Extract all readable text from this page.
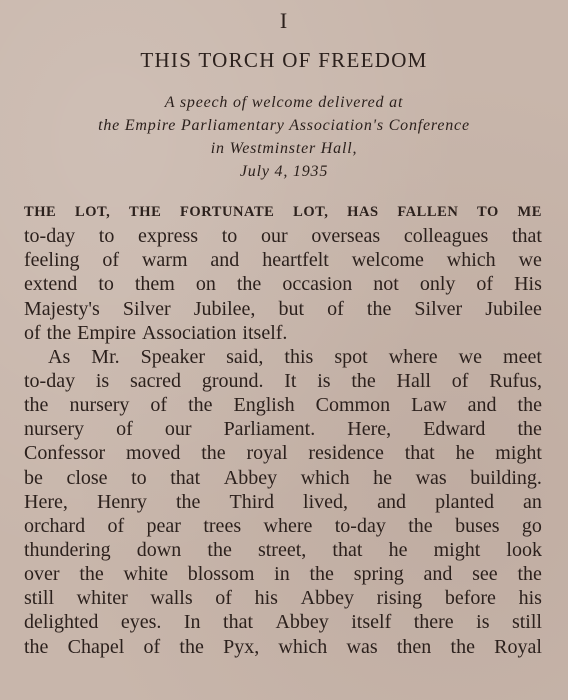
I
THIS TORCH OF FREEDOM
A speech of welcome delivered at
the Empire Parliamentary Association's Conference
in Westminster Hall,
July 4, 1935
THE LOT, THE FORTUNATE LOT, HAS FALLEN TO ME
to-day to express to our overseas colleagues that
feeling of warm and heartfelt welcome which we
extend to them on the occasion not only of His
Majesty's Silver Jubilee, but of the Silver Jubilee
of the Empire Association itself.
As Mr. Speaker said, this spot where we meet
to-day is sacred ground. It is the Hall of Rufus,
the nursery of the English Common Law and the
nursery of our Parliament. Here, Edward the
Confessor moved the royal residence that he might
be close to that Abbey which he was building.
Here, Henry the Third lived, and planted an
orchard of pear trees where to-day the buses go
thundering down the street, that he might look
over the white blossom in the spring and see the
still whiter walls of his Abbey rising before his
delighted eyes. In that Abbey itself there is still
the Chapel of the Pyx, which was then the Royal
